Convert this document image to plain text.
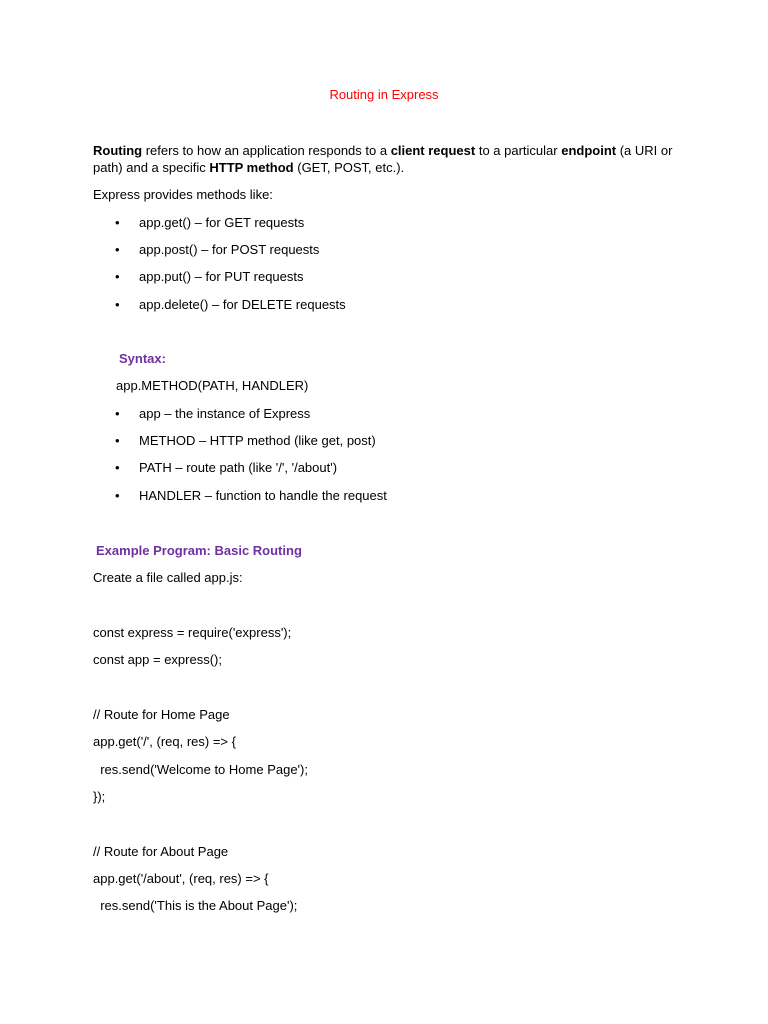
Routing in Express
Routing refers to how an application responds to a client request to a particular endpoint (a URI or path) and a specific HTTP method (GET, POST, etc.).
Express provides methods like:
• app.get() – for GET requests
• app.post() – for POST requests
• app.put() – for PUT requests
• app.delete() – for DELETE requests
Syntax:
app.METHOD(PATH, HANDLER)
• app – the instance of Express
• METHOD – HTTP method (like get, post)
• PATH – route path (like '/', '/about')
• HANDLER – function to handle the request
Example Program: Basic Routing
Create a file called app.js:
const express = require('express');
const app = express();
// Route for Home Page
app.get('/', (req, res) => {
res.send('Welcome to Home Page');
});
// Route for About Page
app.get('/about', (req, res) => {
res.send('This is the About Page');
